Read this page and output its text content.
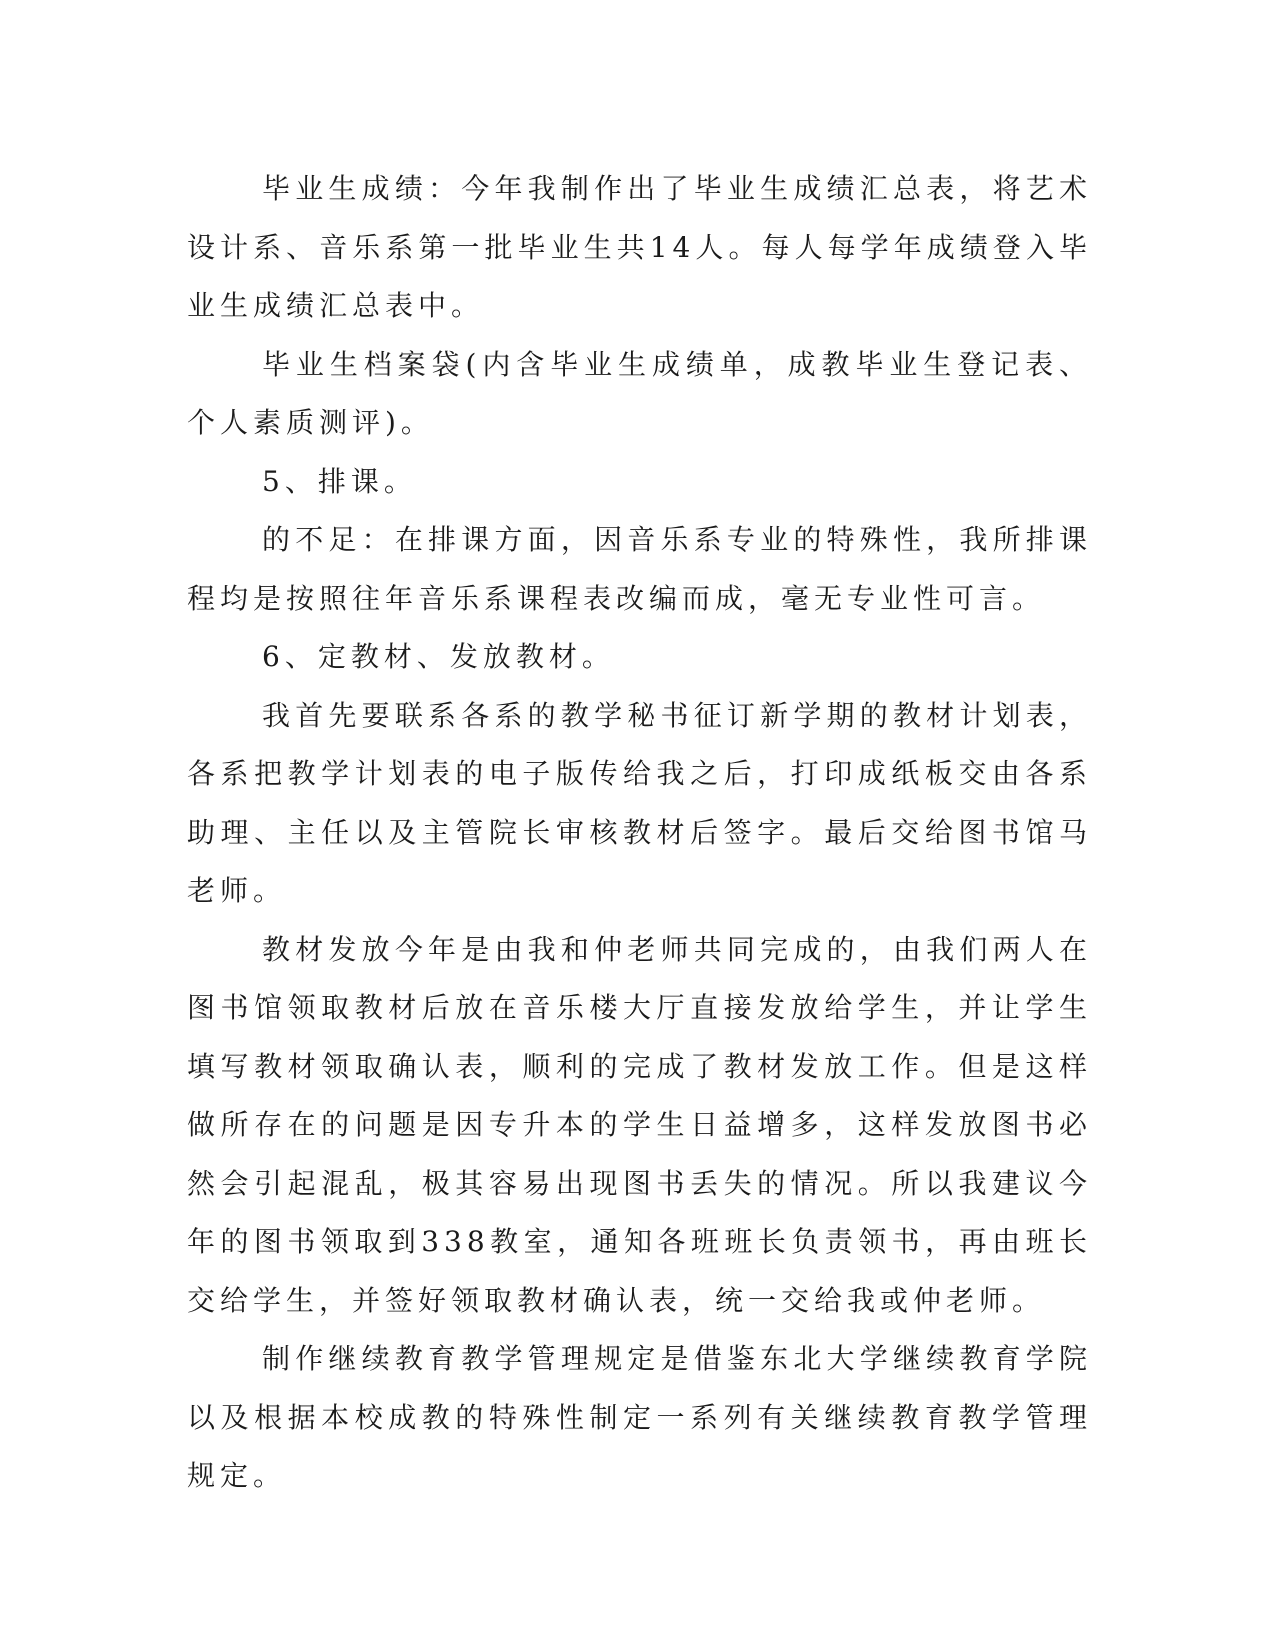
毕业生成绩：今年我制作出了毕业生成绩汇总表，将艺术设计系、音乐系第一批毕业生共14人。每人每学年成绩登入毕业生成绩汇总表中。

毕业生档案袋(内含毕业生成绩单，成教毕业生登记表、个人素质测评)。

5、排课。

的不足：在排课方面，因音乐系专业的特殊性，我所排课程均是按照往年音乐系课程表改编而成，毫无专业性可言。

6、定教材、发放教材。

我首先要联系各系的教学秘书征订新学期的教材计划表，各系把教学计划表的电子版传给我之后，打印成纸板交由各系助理、主任以及主管院长审核教材后签字。最后交给图书馆马老师。

教材发放今年是由我和仲老师共同完成的，由我们两人在图书馆领取教材后放在音乐楼大厅直接发放给学生，并让学生填写教材领取确认表，顺利的完成了教材发放工作。但是这样做所存在的问题是因专升本的学生日益增多，这样发放图书必然会引起混乱，极其容易出现图书丢失的情况。所以我建议今年的图书领取到338教室，通知各班班长负责领书，再由班长交给学生，并签好领取教材确认表，统一交给我或仲老师。

制作继续教育教学管理规定是借鉴东北大学继续教育学院以及根据本校成教的特殊性制定一系列有关继续教育教学管理规定。
